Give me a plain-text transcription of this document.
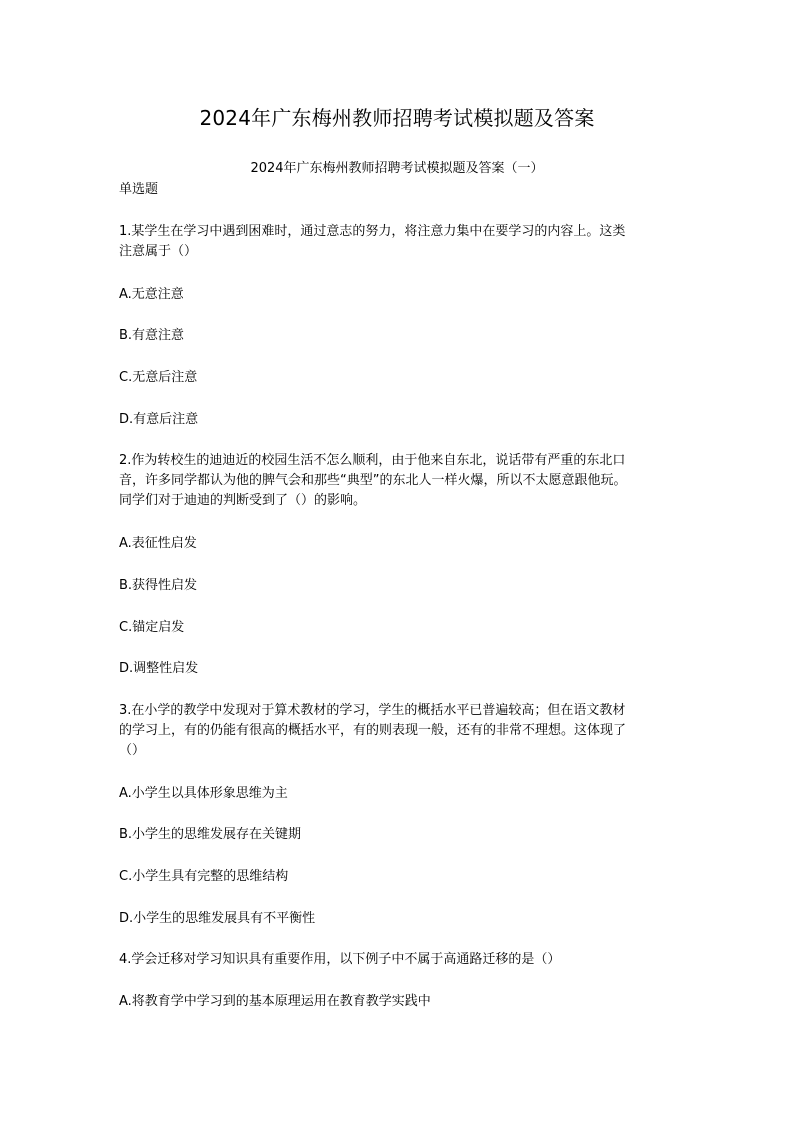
2024年广东梅州教师招聘考试模拟题及答案
2024年广东梅州教师招聘考试模拟题及答案（一）
单选题
1.某学生在学习中遇到困难时，通过意志的努力，将注意力集中在要学习的内容上。这类
注意属于（）
A.无意注意
B.有意注意
C.无意后注意
D.有意后注意
2.作为转校生的迪迪近的校园生活不怎么顺利，由于他来自东北，说话带有严重的东北口
音，许多同学都认为他的脾气会和那些“典型”的东北人一样火爆，所以不太愿意跟他玩。
同学们对于迪迪的判断受到了（）的影响。
A.表征性启发
B.获得性启发
C.锚定启发
D.调整性启发
3.在小学的教学中发现对于算术教材的学习，学生的概括水平已普遍较高；但在语文教材
的学习上，有的仍能有很高的概括水平，有的则表现一般，还有的非常不理想。这体现了
（）
A.小学生以具体形象思维为主
B.小学生的思维发展存在关键期
C.小学生具有完整的思维结构
D.小学生的思维发展具有不平衡性
4.学会迁移对学习知识具有重要作用，以下例子中不属于高通路迁移的是（）
A.将教育学中学习到的基本原理运用在教育教学实践中
